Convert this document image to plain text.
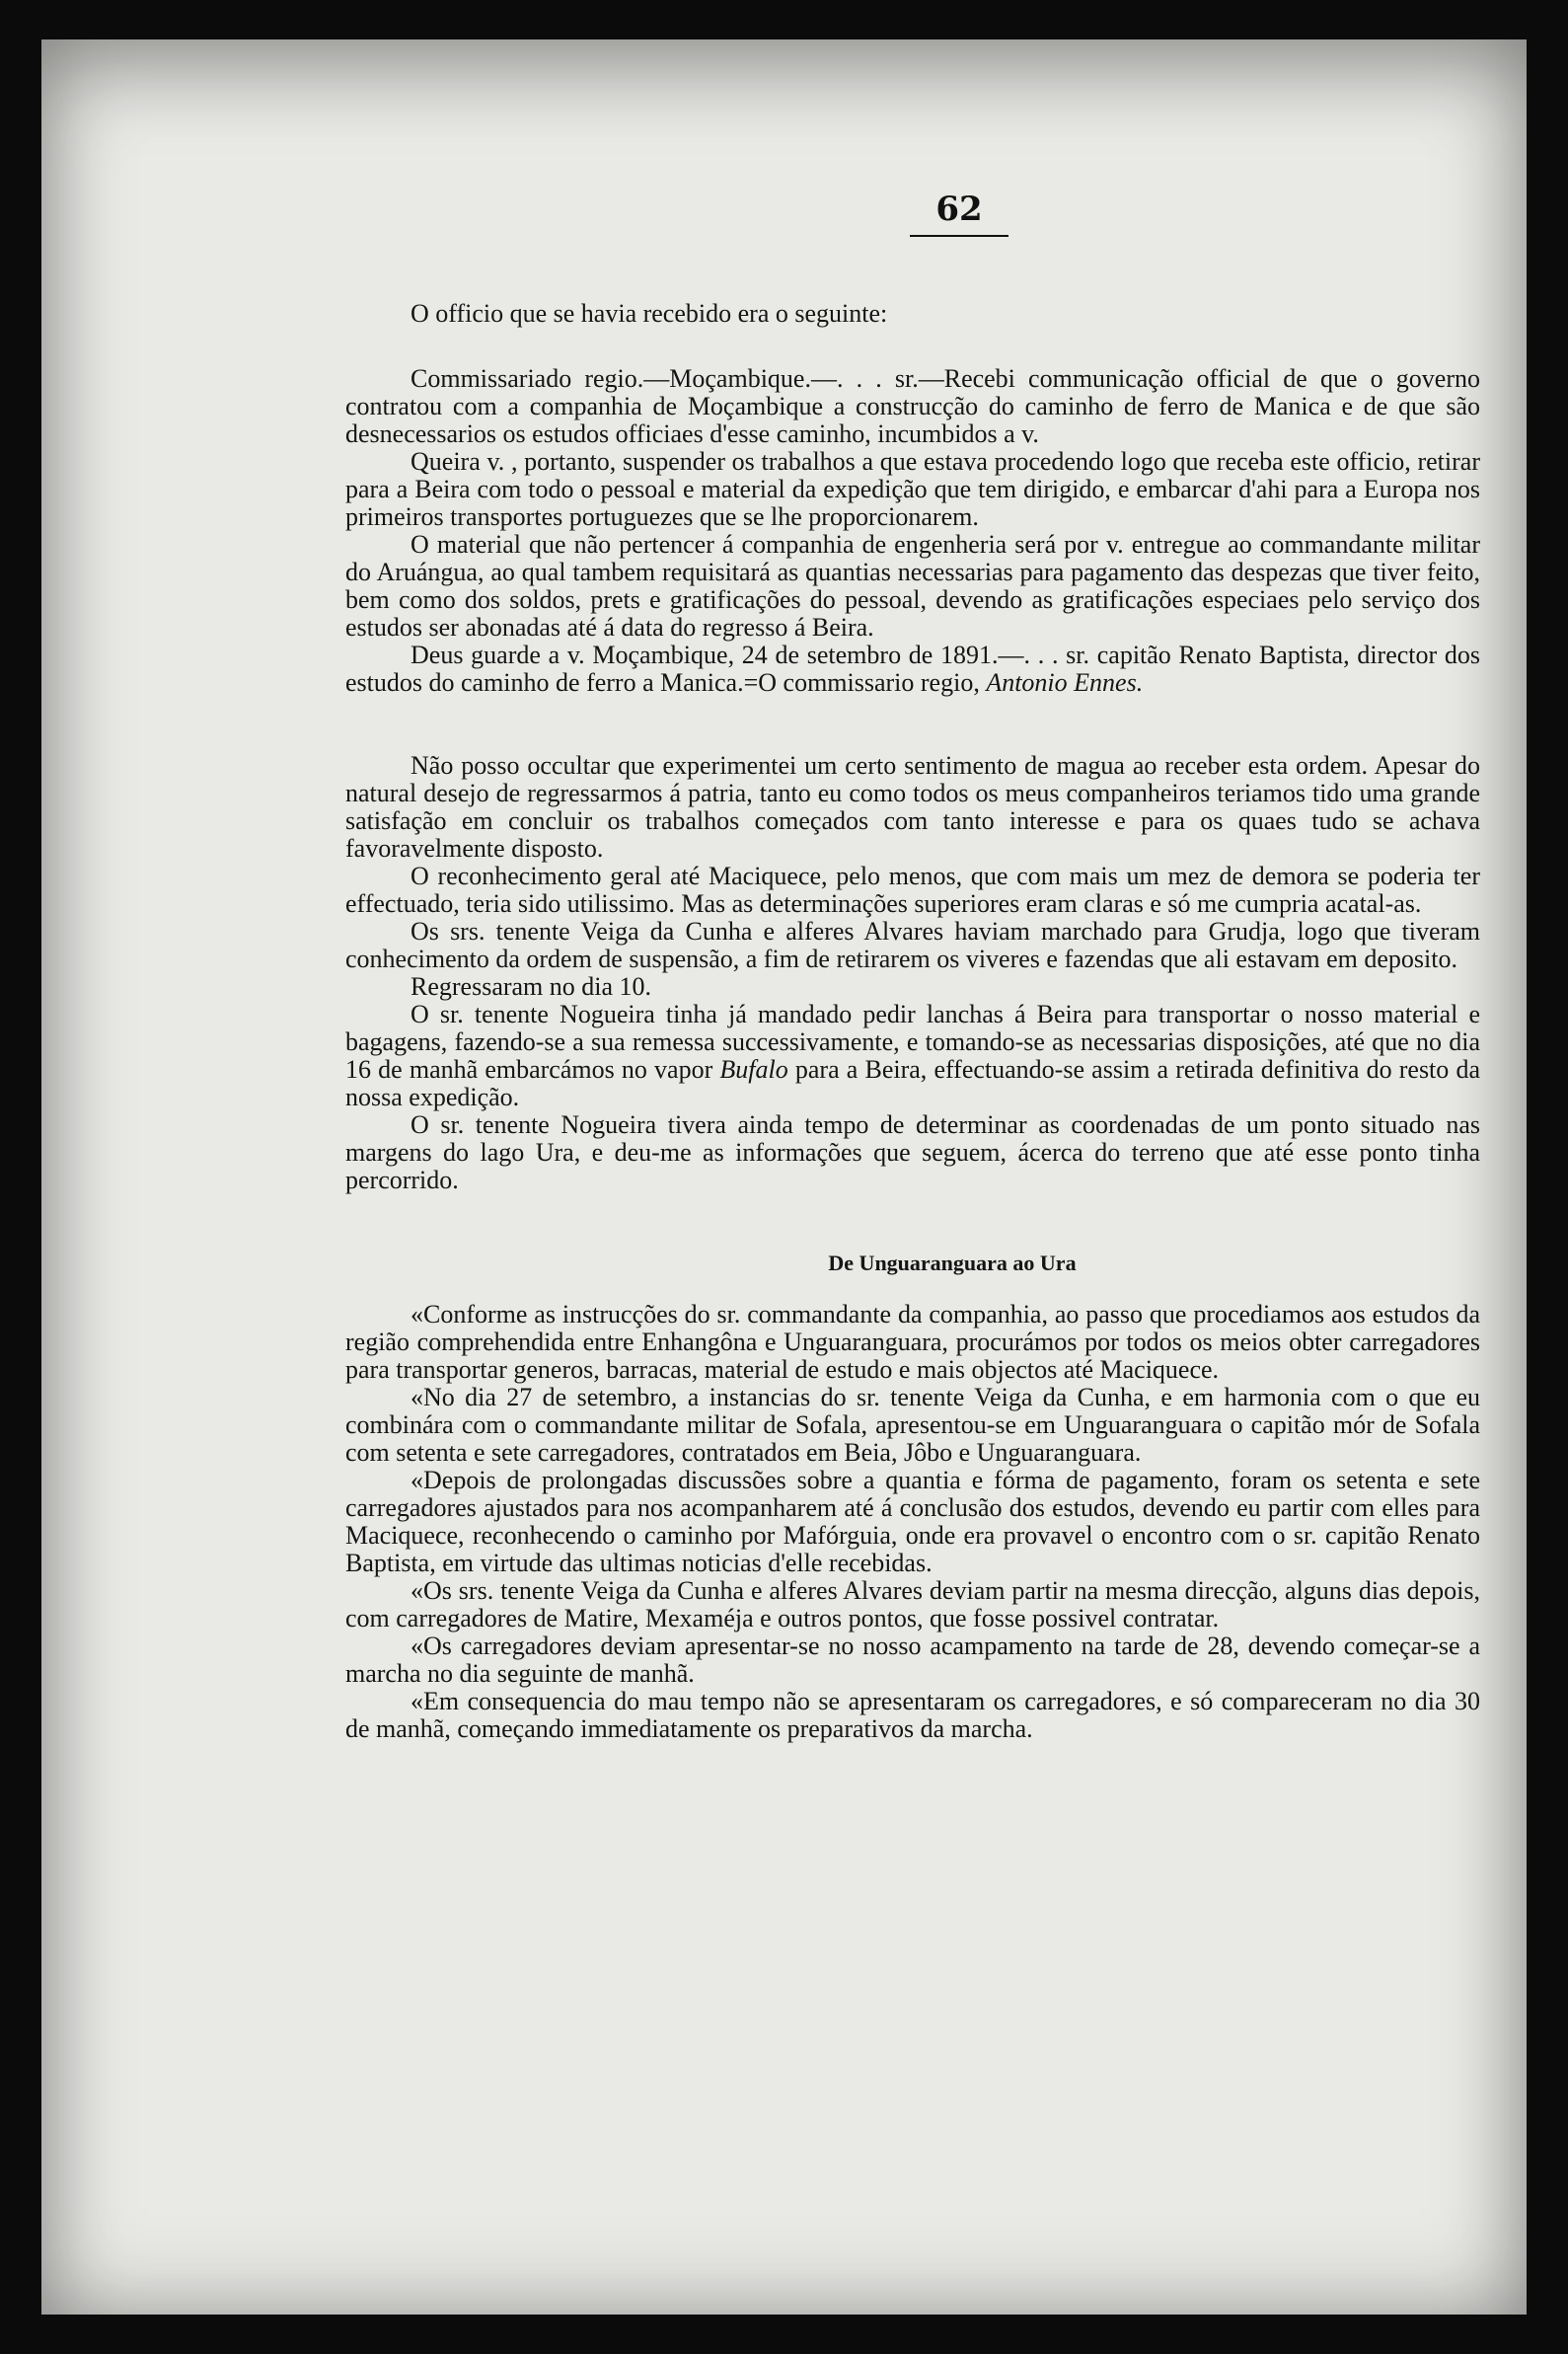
62

O officio que se havia recebido era o seguinte:

Commissariado regio.—Moçambique.—. . . sr.—Recebi communicação official de que o governo contratou com a companhia de Moçambique a construcção do caminho de ferro de Manica e de que são desnecessarios os estudos officiaes d'esse caminho, incumbidos a v.

Queira v. , portanto, suspender os trabalhos a que estava procedendo logo que receba este officio, retirar para a Beira com todo o pessoal e material da expedição que tem dirigido, e embarcar d'ahi para a Europa nos primeiros transportes portuguezes que se lhe proporcionarem.

O material que não pertencer á companhia de engenheria será por v. entregue ao commandante militar do Aruángua, ao qual tambem requisitará as quantias necessarias para pagamento das despezas que tiver feito, bem como dos soldos, prets e gratificações do pessoal, devendo as gratificações especiaes pelo serviço dos estudos ser abonadas até á data do regresso á Beira.

Deus guarde a v. Moçambique, 24 de setembro de 1891.—. . . sr. capitão Renato Baptista, director dos estudos do caminho de ferro a Manica.=O commissario regio, Antonio Ennes.

Não posso occultar que experimentei um certo sentimento de magua ao receber esta ordem. Apesar do natural desejo de regressarmos á patria, tanto eu como todos os meus companheiros teriamos tido uma grande satisfação em concluir os trabalhos começados com tanto interesse e para os quaes tudo se achava favoravelmente disposto.

O reconhecimento geral até Maciquece, pelo menos, que com mais um mez de demora se poderia ter effectuado, teria sido utilissimo. Mas as determinações superiores eram claras e só me cumpria acatal-as.

Os srs. tenente Veiga da Cunha e alferes Alvares haviam marchado para Grudja, logo que tiveram conhecimento da ordem de suspensão, a fim de retirarem os viveres e fazendas que ali estavam em deposito.

Regressaram no dia 10.

O sr. tenente Nogueira tinha já mandado pedir lanchas á Beira para transportar o nosso material e bagagens, fazendo-se a sua remessa successivamente, e tomando-se as necessarias disposições, até que no dia 16 de manhã embarcámos no vapor Bufalo para a Beira, effectuando-se assim a retirada definitiva do resto da nossa expedição.

O sr. tenente Nogueira tivera ainda tempo de determinar as coordenadas de um ponto situado nas margens do lago Ura, e deu-me as informações que seguem, ácerca do terreno que até esse ponto tinha percorrido.

De Unguaranguara ao Ura

«Conforme as instrucções do sr. commandante da companhia, ao passo que procediamos aos estudos da região comprehendida entre Enhangôna e Unguaranguara, procurámos por todos os meios obter carregadores para transportar generos, barracas, material de estudo e mais objectos até Maciquece.

«No dia 27 de setembro, a instancias do sr. tenente Veiga da Cunha, e em harmonia com o que eu combinára com o commandante militar de Sofala, apresentou-se em Unguaranguara o capitão mór de Sofala com setenta e sete carregadores, contratados em Beia, Jôbo e Unguaranguara.

«Depois de prolongadas discussões sobre a quantia e fórma de pagamento, foram os setenta e sete carregadores ajustados para nos acompanharem até á conclusão dos estudos, devendo eu partir com elles para Maciquece, reconhecendo o caminho por Mafórguia, onde era provavel o encontro com o sr. capitão Renato Baptista, em virtude das ultimas noticias d'elle recebidas.

«Os srs. tenente Veiga da Cunha e alferes Alvares deviam partir na mesma direcção, alguns dias depois, com carregadores de Matire, Mexaméja e outros pontos, que fosse possivel contratar.

«Os carregadores deviam apresentar-se no nosso acampamento na tarde de 28, devendo começar-se a marcha no dia seguinte de manhã.

«Em consequencia do mau tempo não se apresentaram os carregadores, e só compareceram no dia 30 de manhã, começando immediatamente os preparativos da marcha.
